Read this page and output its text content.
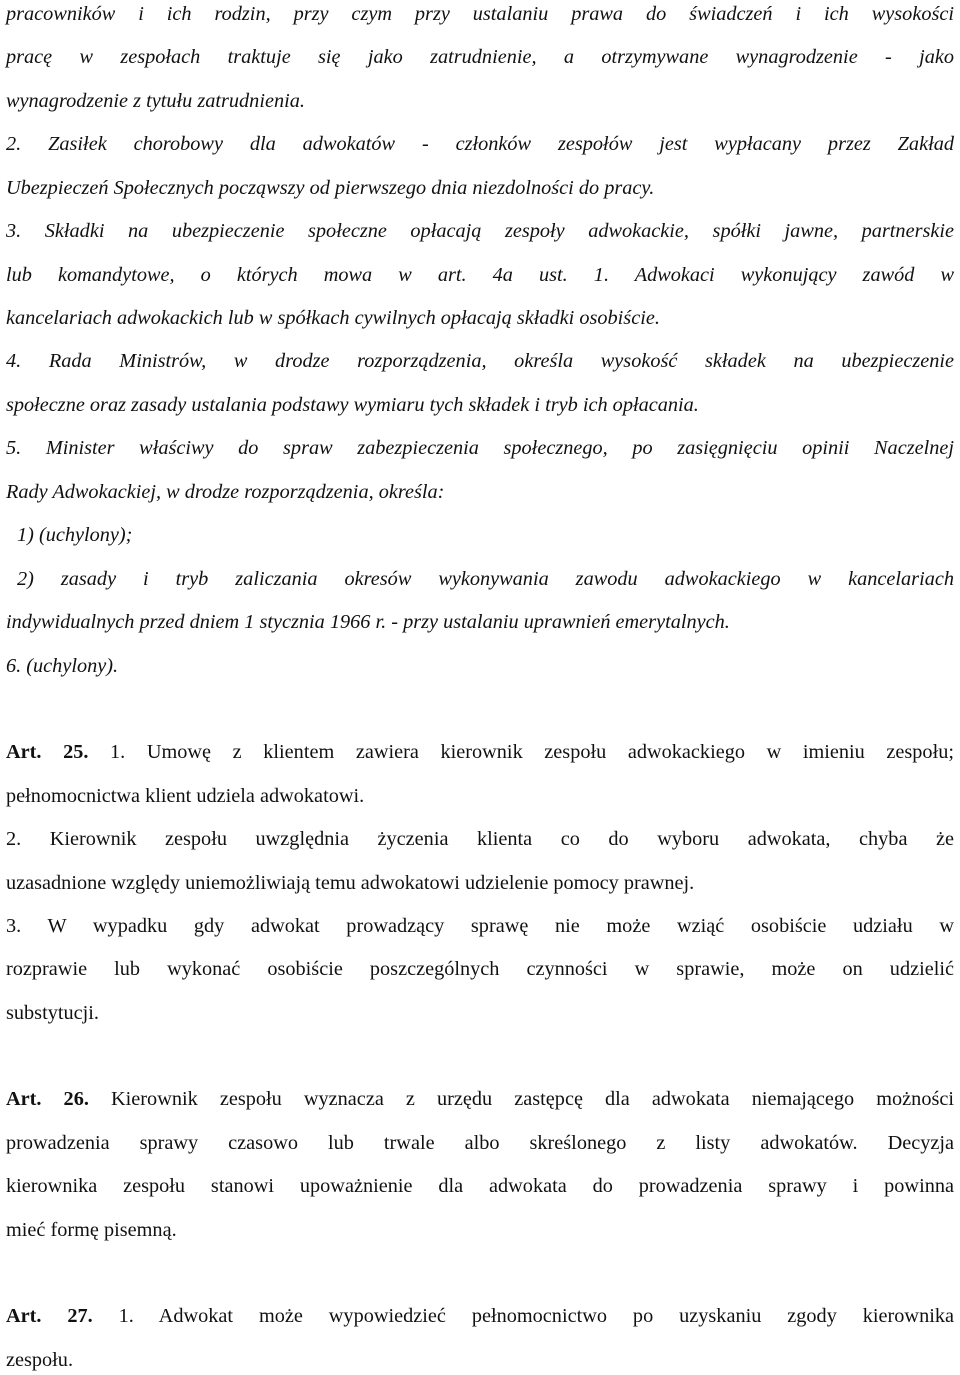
pracowników i ich rodzin, przy czym przy ustalaniu prawa do świadczeń i ich wysokości
pracę w zespołach traktuje się jako zatrudnienie, a otrzymywane wynagrodzenie - jako
wynagrodzenie z tytułu zatrudnienia.
2. Zasiłek chorobowy dla adwokatów - członków zespołów jest wypłacany przez Zakład
Ubezpieczeń Społecznych począwszy od pierwszego dnia niezdolności do pracy.
3. Składki na ubezpieczenie społeczne opłacają zespoły adwokackie, spółki jawne, partnerskie
lub komandytowe, o których mowa w art. 4a ust. 1. Adwokaci wykonujący zawód w
kancelariach adwokackich lub w spółkach cywilnych opłacają składki osobiście.
4. Rada Ministrów, w drodze rozporządzenia, określa wysokość składek na ubezpieczenie
społeczne oraz zasady ustalania podstawy wymiaru tych składek i tryb ich opłacania.
5. Minister właściwy do spraw zabezpieczenia społecznego, po zasięgnięciu opinii Naczelnej
Rady Adwokackiej, w drodze rozporządzenia, określa:
1) (uchylony);
2) zasady i tryb zaliczania okresów wykonywania zawodu adwokackiego w kancelariach
indywidualnych przed dniem 1 stycznia 1966 r. - przy ustalaniu uprawnień emerytalnych.
6. (uchylony).
Art. 25. 1. Umowę z klientem zawiera kierownik zespołu adwokackiego w imieniu zespołu;
pełnomocnictwa klient udziela adwokatowi.
2. Kierownik zespołu uwzględnia życzenia klienta co do wyboru adwokata, chyba że
uzasadnione względy uniemożliwiają temu adwokatowi udzielenie pomocy prawnej.
3. W wypadku gdy adwokat prowadzący sprawę nie może wziąć osobiście udziału w
rozprawie lub wykonać osobiście poszczególnych czynności w sprawie, może on udzielić
substytucji.
Art. 26. Kierownik zespołu wyznacza z urzędu zastępcę dla adwokata niemającego możności
prowadzenia sprawy czasowo lub trwale albo skreślonego z listy adwokatów. Decyzja
kierownika zespołu stanowi upoważnienie dla adwokata do prowadzenia sprawy i powinna
mieć formę pisemną.
Art. 27. 1. Adwokat może wypowiedzieć pełnomocnictwo po uzyskaniu zgody kierownika
zespołu.
